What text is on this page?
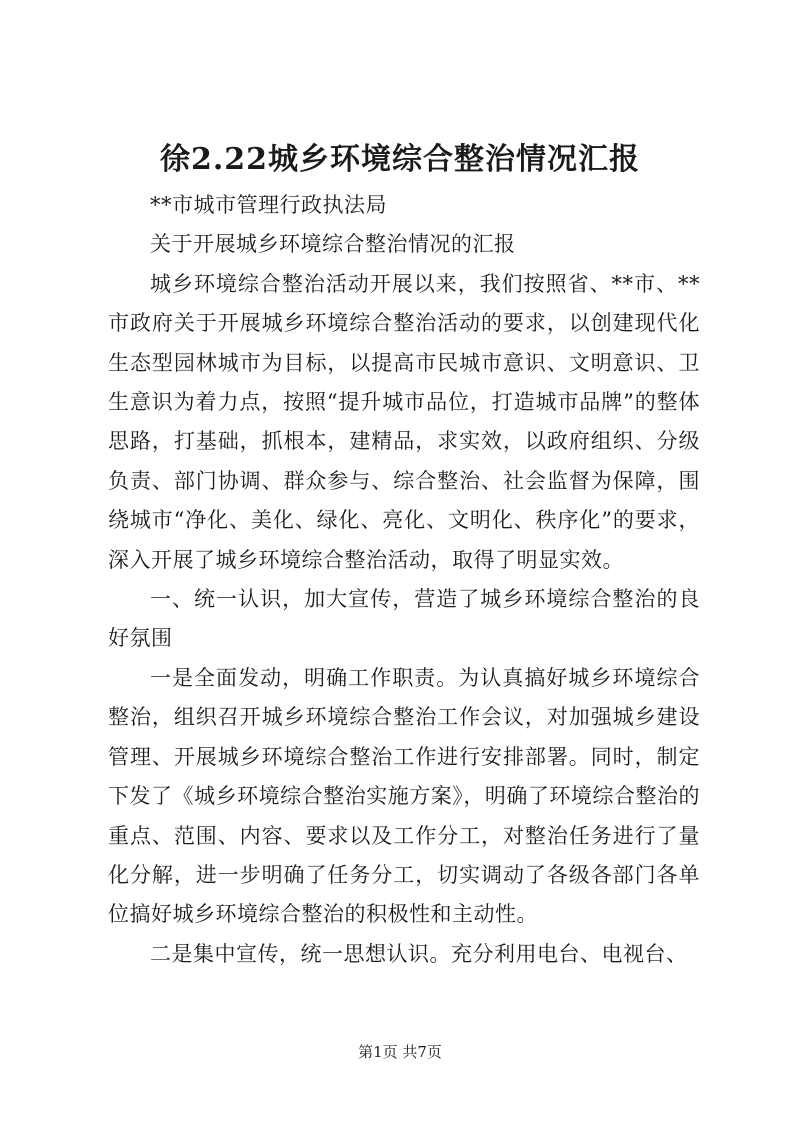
徐2.22城乡环境综合整治情况汇报

**市城市管理行政执法局

关于开展城乡环境综合整治情况的汇报

城乡环境综合整治活动开展以来，我们按照省、**市、**市政府关于开展城乡环境综合整治活动的要求，以创建现代化生态型园林城市为目标，以提高市民城市意识、文明意识、卫生意识为着力点，按照“提升城市品位，打造城市品牌”的整体思路，打基础，抓根本，建精品，求实效，以政府组织、分级负责、部门协调、群众参与、综合整治、社会监督为保障，围绕城市“净化、美化、绿化、亮化、文明化、秩序化”的要求，深入开展了城乡环境综合整治活动，取得了明显实效。

一、统一认识，加大宣传，营造了城乡环境综合整治的良好氛围

一是全面发动，明确工作职责。为认真搞好城乡环境综合整治，组织召开城乡环境综合整治工作会议，对加强城乡建设管理、开展城乡环境综合整治工作进行安排部署。同时，制定下发了《城乡环境综合整治实施方案》，明确了环境综合整治的重点、范围、内容、要求以及工作分工，对整治任务进行了量化分解，进一步明确了任务分工，切实调动了各级各部门各单位搞好城乡环境综合整治的积极性和主动性。

二是集中宣传，统一思想认识。充分利用电台、电视台、

第1页 共7页
